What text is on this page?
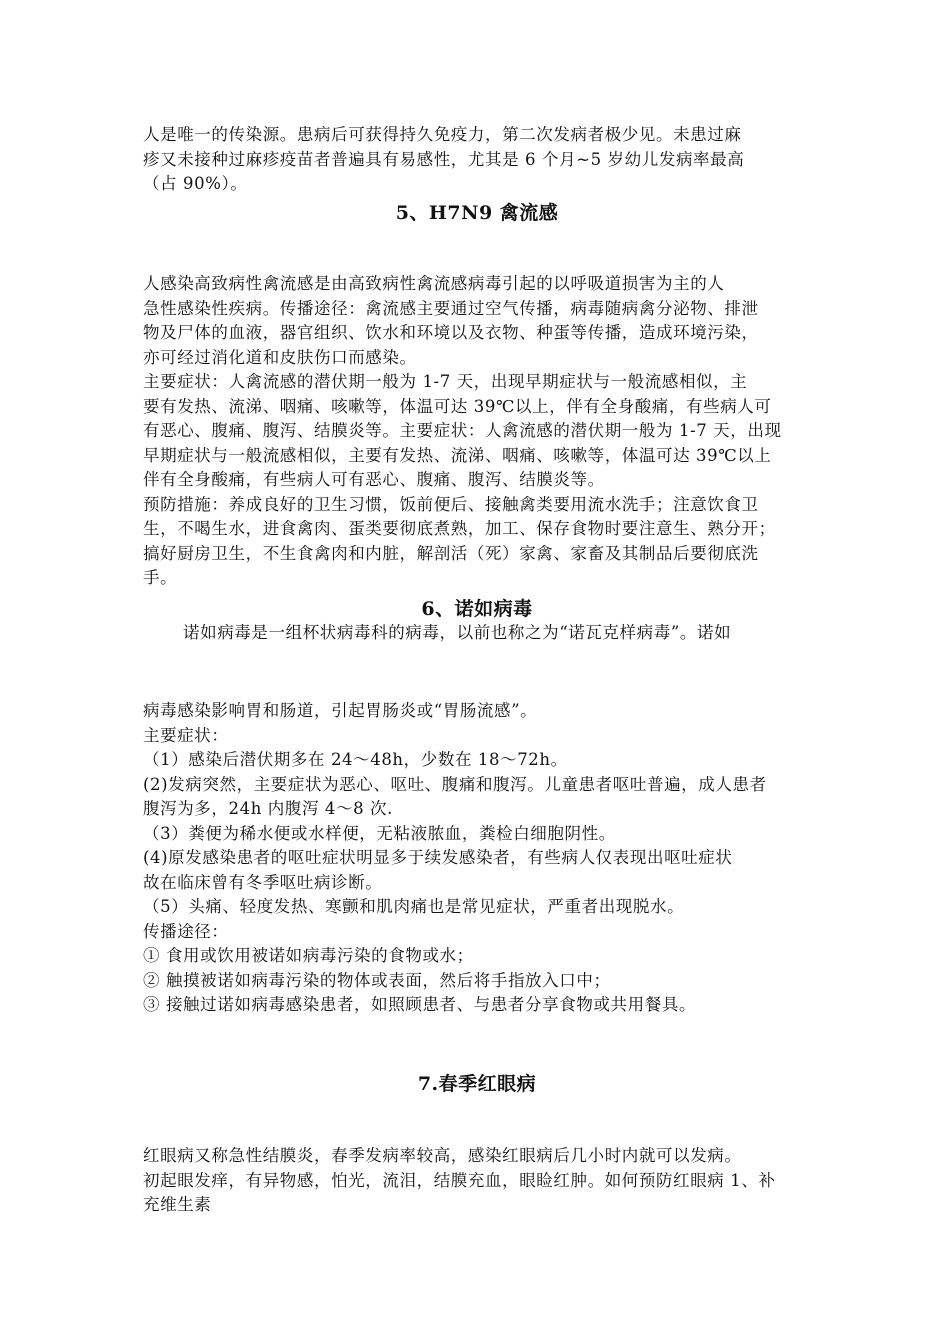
人是唯一的传染源。患病后可获得持久免疫力，第二次发病者极少见。未患过麻
疹又未接种过麻疹疫苗者普遍具有易感性，尤其是 6 个月~5 岁幼儿发病率最高
（占 90%）。
5、H7N9 禽流感
人感染高致病性禽流感是由高致病性禽流感病毒引起的以呼吸道损害为主的人
急性感染性疾病。传播途径：禽流感主要通过空气传播，病毒随病禽分泌物、排泄
物及尸体的血液，器官组织、饮水和环境以及衣物、种蛋等传播，造成环境污染，
亦可经过消化道和皮肤伤口而感染。
主要症状：人禽流感的潜伏期一般为 1-7 天，出现早期症状与一般流感相似，主
要有发热、流涕、咽痛、咳嗽等，体温可达 39℃以上，伴有全身酸痛，有些病人可
有恶心、腹痛、腹泻、结膜炎等。主要症状：人禽流感的潜伏期一般为 1-7 天，出现
早期症状与一般流感相似，主要有发热、流涕、咽痛、咳嗽等，体温可达 39℃以上
伴有全身酸痛，有些病人可有恶心、腹痛、腹泻、结膜炎等。
预防措施：养成良好的卫生习惯，饭前便后、接触禽类要用流水洗手；注意饮食卫
生，不喝生水，进食禽肉、蛋类要彻底煮熟，加工、保存食物时要注意生、熟分开；
搞好厨房卫生，不生食禽肉和内脏，解剖活（死）家禽、家畜及其制品后要彻底洗
手。
6、诺如病毒
诺如病毒是一组杯状病毒科的病毒，以前也称之为“诺瓦克样病毒”。诺如
病毒感染影响胃和肠道，引起胃肠炎或“胃肠流感”。
主要症状：
（1）感染后潜伏期多在 24～48h，少数在 18～72h。
(2)发病突然，主要症状为恶心、呕吐、腹痛和腹泻。儿童患者呕吐普遍，成人患者
腹泻为多，24h 内腹泻 4～8 次.
（3）粪便为稀水便或水样便，无粘液脓血，粪检白细胞阴性。
(4)原发感染患者的呕吐症状明显多于续发感染者，有些病人仅表现出呕吐症状
故在临床曾有冬季呕吐病诊断。
（5）头痛、轻度发热、寒颤和肌肉痛也是常见症状，严重者出现脱水。
传播途径：
① 食用或饮用被诺如病毒污染的食物或水；
② 触摸被诺如病毒污染的物体或表面，然后将手指放入口中；
③ 接触过诺如病毒感染患者，如照顾患者、与患者分享食物或共用餐具。
7.春季红眼病
红眼病又称急性结膜炎，春季发病率较高，感染红眼病后几小时内就可以发病。
初起眼发痒，有异物感，怕光，流泪，结膜充血，眼睑红肿。如何预防红眼病 1、补
充维生素
